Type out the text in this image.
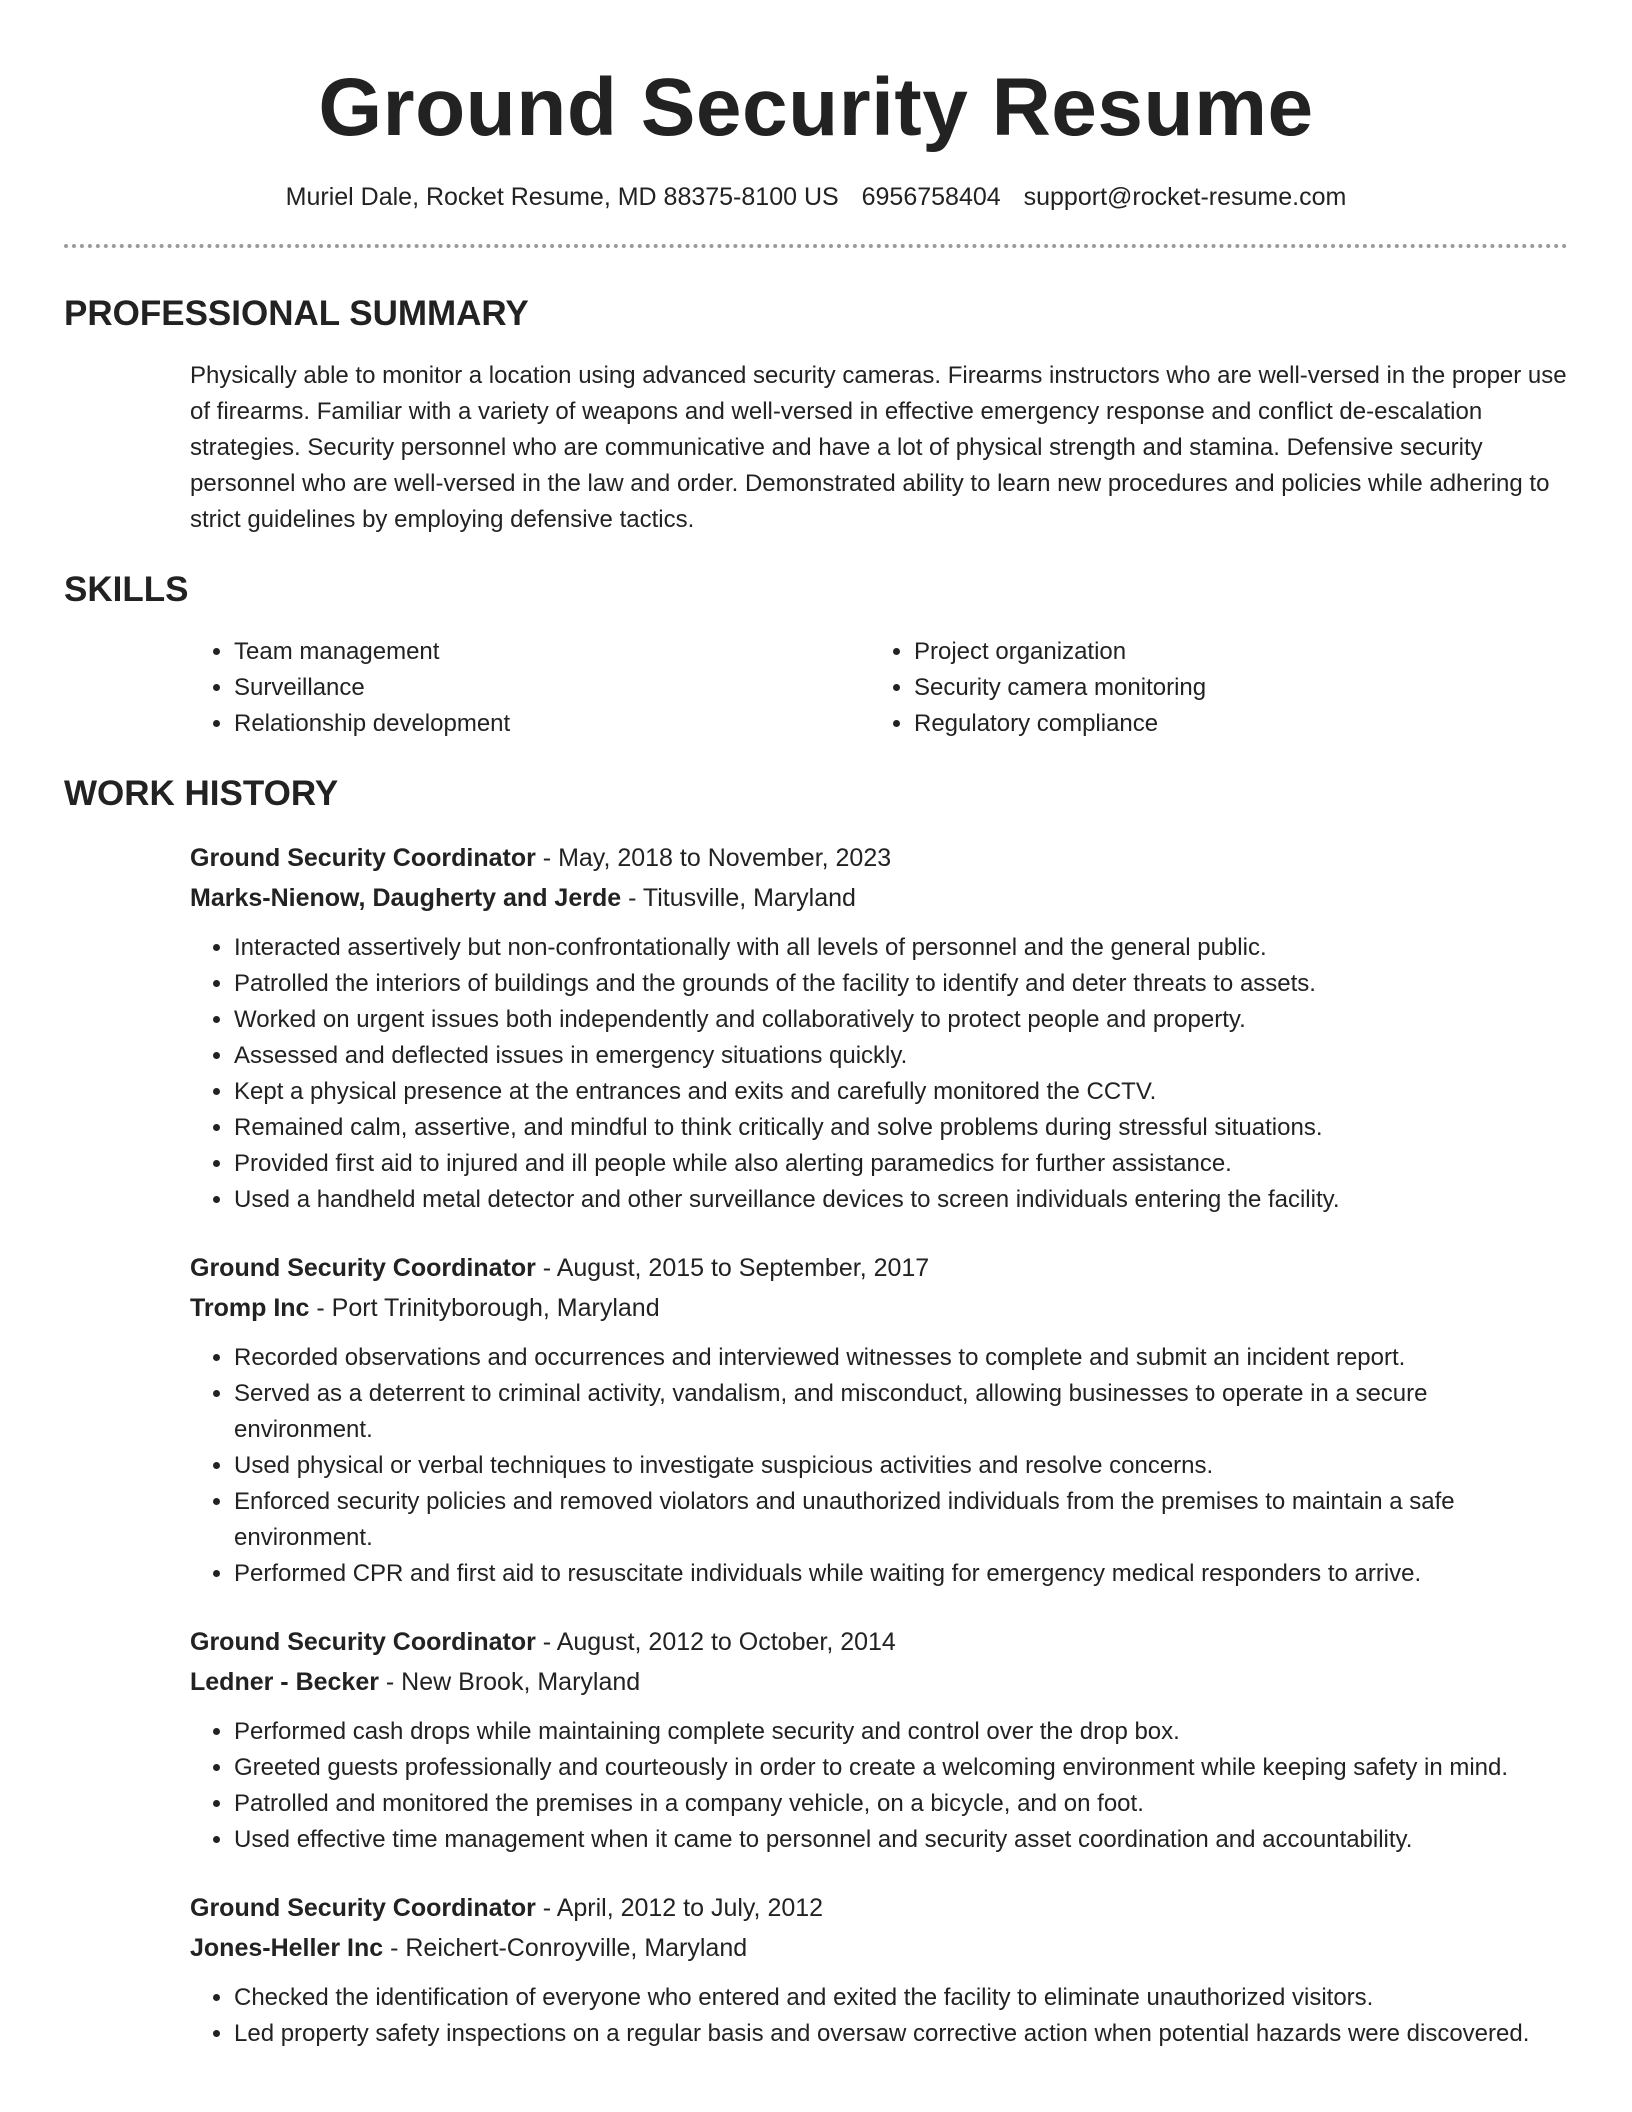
Ground Security Resume
Muriel Dale, Rocket Resume, MD 88375-8100 US 6956758404 support@rocket-resume.com
PROFESSIONAL SUMMARY
Physically able to monitor a location using advanced security cameras. Firearms instructors who are well-versed in the proper use of firearms. Familiar with a variety of weapons and well-versed in effective emergency response and conflict de-escalation strategies. Security personnel who are communicative and have a lot of physical strength and stamina. Defensive security personnel who are well-versed in the law and order. Demonstrated ability to learn new procedures and policies while adhering to strict guidelines by employing defensive tactics.
SKILLS
• Team management
• Surveillance
• Relationship development
• Project organization
• Security camera monitoring
• Regulatory compliance
WORK HISTORY
Ground Security Coordinator - May, 2018 to November, 2023
Marks-Nienow, Daugherty and Jerde - Titusville, Maryland
• Interacted assertively but non-confrontationally with all levels of personnel and the general public.
• Patrolled the interiors of buildings and the grounds of the facility to identify and deter threats to assets.
• Worked on urgent issues both independently and collaboratively to protect people and property.
• Assessed and deflected issues in emergency situations quickly.
• Kept a physical presence at the entrances and exits and carefully monitored the CCTV.
• Remained calm, assertive, and mindful to think critically and solve problems during stressful situations.
• Provided first aid to injured and ill people while also alerting paramedics for further assistance.
• Used a handheld metal detector and other surveillance devices to screen individuals entering the facility.
Ground Security Coordinator - August, 2015 to September, 2017
Tromp Inc - Port Trinityborough, Maryland
• Recorded observations and occurrences and interviewed witnesses to complete and submit an incident report.
• Served as a deterrent to criminal activity, vandalism, and misconduct, allowing businesses to operate in a secure environment.
• Used physical or verbal techniques to investigate suspicious activities and resolve concerns.
• Enforced security policies and removed violators and unauthorized individuals from the premises to maintain a safe environment.
• Performed CPR and first aid to resuscitate individuals while waiting for emergency medical responders to arrive.
Ground Security Coordinator - August, 2012 to October, 2014
Ledner - Becker - New Brook, Maryland
• Performed cash drops while maintaining complete security and control over the drop box.
• Greeted guests professionally and courteously in order to create a welcoming environment while keeping safety in mind.
• Patrolled and monitored the premises in a company vehicle, on a bicycle, and on foot.
• Used effective time management when it came to personnel and security asset coordination and accountability.
Ground Security Coordinator - April, 2012 to July, 2012
Jones-Heller Inc - Reichert-Conroyville, Maryland
• Checked the identification of everyone who entered and exited the facility to eliminate unauthorized visitors.
• Led property safety inspections on a regular basis and oversaw corrective action when potential hazards were discovered.
